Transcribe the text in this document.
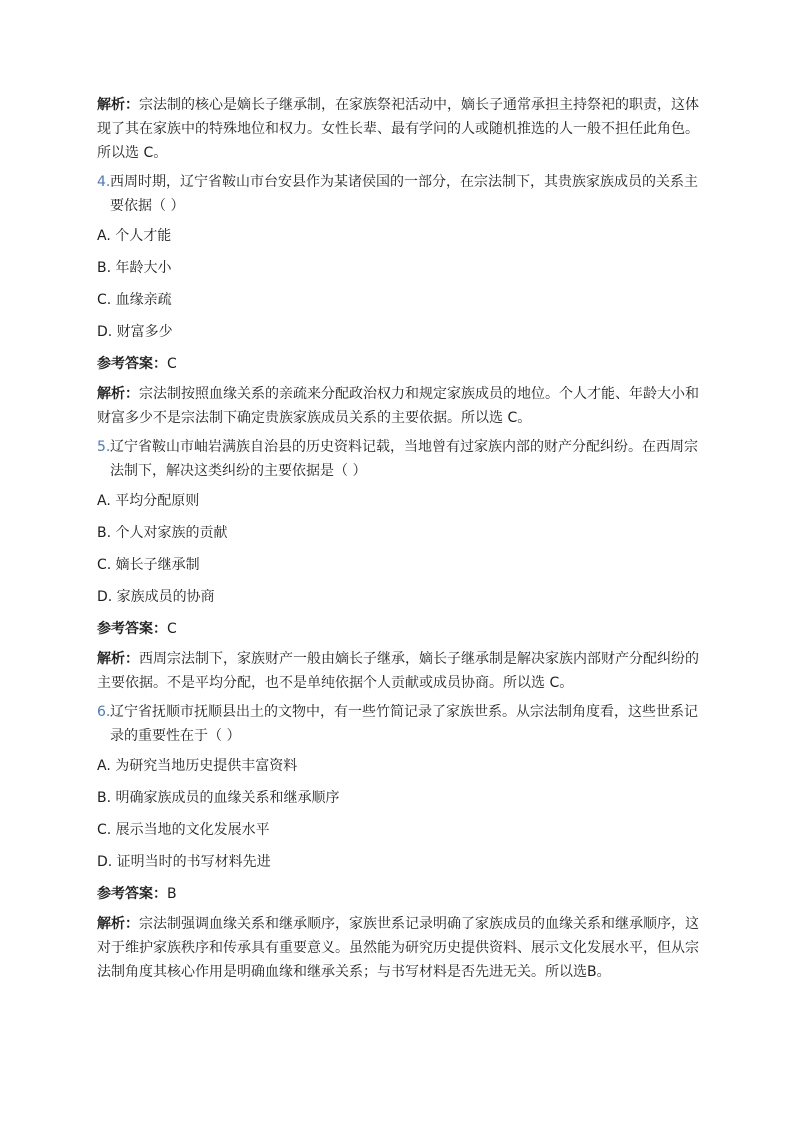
解析：宗法制的核心是嫡长子继承制，在家族祭祀活动中，嫡长子通常承担主持祭祀的职责，这体现了其在家族中的特殊地位和权力。女性长辈、最有学问的人或随机推选的人一般不担任此角色。所以选 C。

4. 西周时期，辽宁省鞍山市台安县作为某诸侯国的一部分，在宗法制下，其贵族家族成员的关系主要依据（ ）

A. 个人才能

B. 年龄大小

C. 血缘亲疏

D. 财富多少

参考答案：C

解析：宗法制按照血缘关系的亲疏来分配政治权力和规定家族成员的地位。个人才能、年龄大小和财富多少不是宗法制下确定贵族家族成员关系的主要依据。所以选 C。

5. 辽宁省鞍山市岫岩满族自治县的历史资料记载，当地曾有过家族内部的财产分配纠纷。在西周宗法制下，解决这类纠纷的主要依据是（ ）

A. 平均分配原则

B. 个人对家族的贡献

C. 嫡长子继承制

D. 家族成员的协商

参考答案：C

解析：西周宗法制下，家族财产一般由嫡长子继承，嫡长子继承制是解决家族内部财产分配纠纷的主要依据。不是平均分配，也不是单纯依据个人贡献或成员协商。所以选 C。

6. 辽宁省抚顺市抚顺县出土的文物中，有一些竹简记录了家族世系。从宗法制角度看，这些世系记录的重要性在于（ ）

A. 为研究当地历史提供丰富资料

B. 明确家族成员的血缘关系和继承顺序

C. 展示当地的文化发展水平

D. 证明当时的书写材料先进

参考答案：B

解析：宗法制强调血缘关系和继承顺序，家族世系记录明确了家族成员的血缘关系和继承顺序，这对于维护家族秩序和传承具有重要意义。虽然能为研究历史提供资料、展示文化发展水平，但从宗法制角度其核心作用是明确血缘和继承关系；与书写材料是否先进无关。所以选B。
